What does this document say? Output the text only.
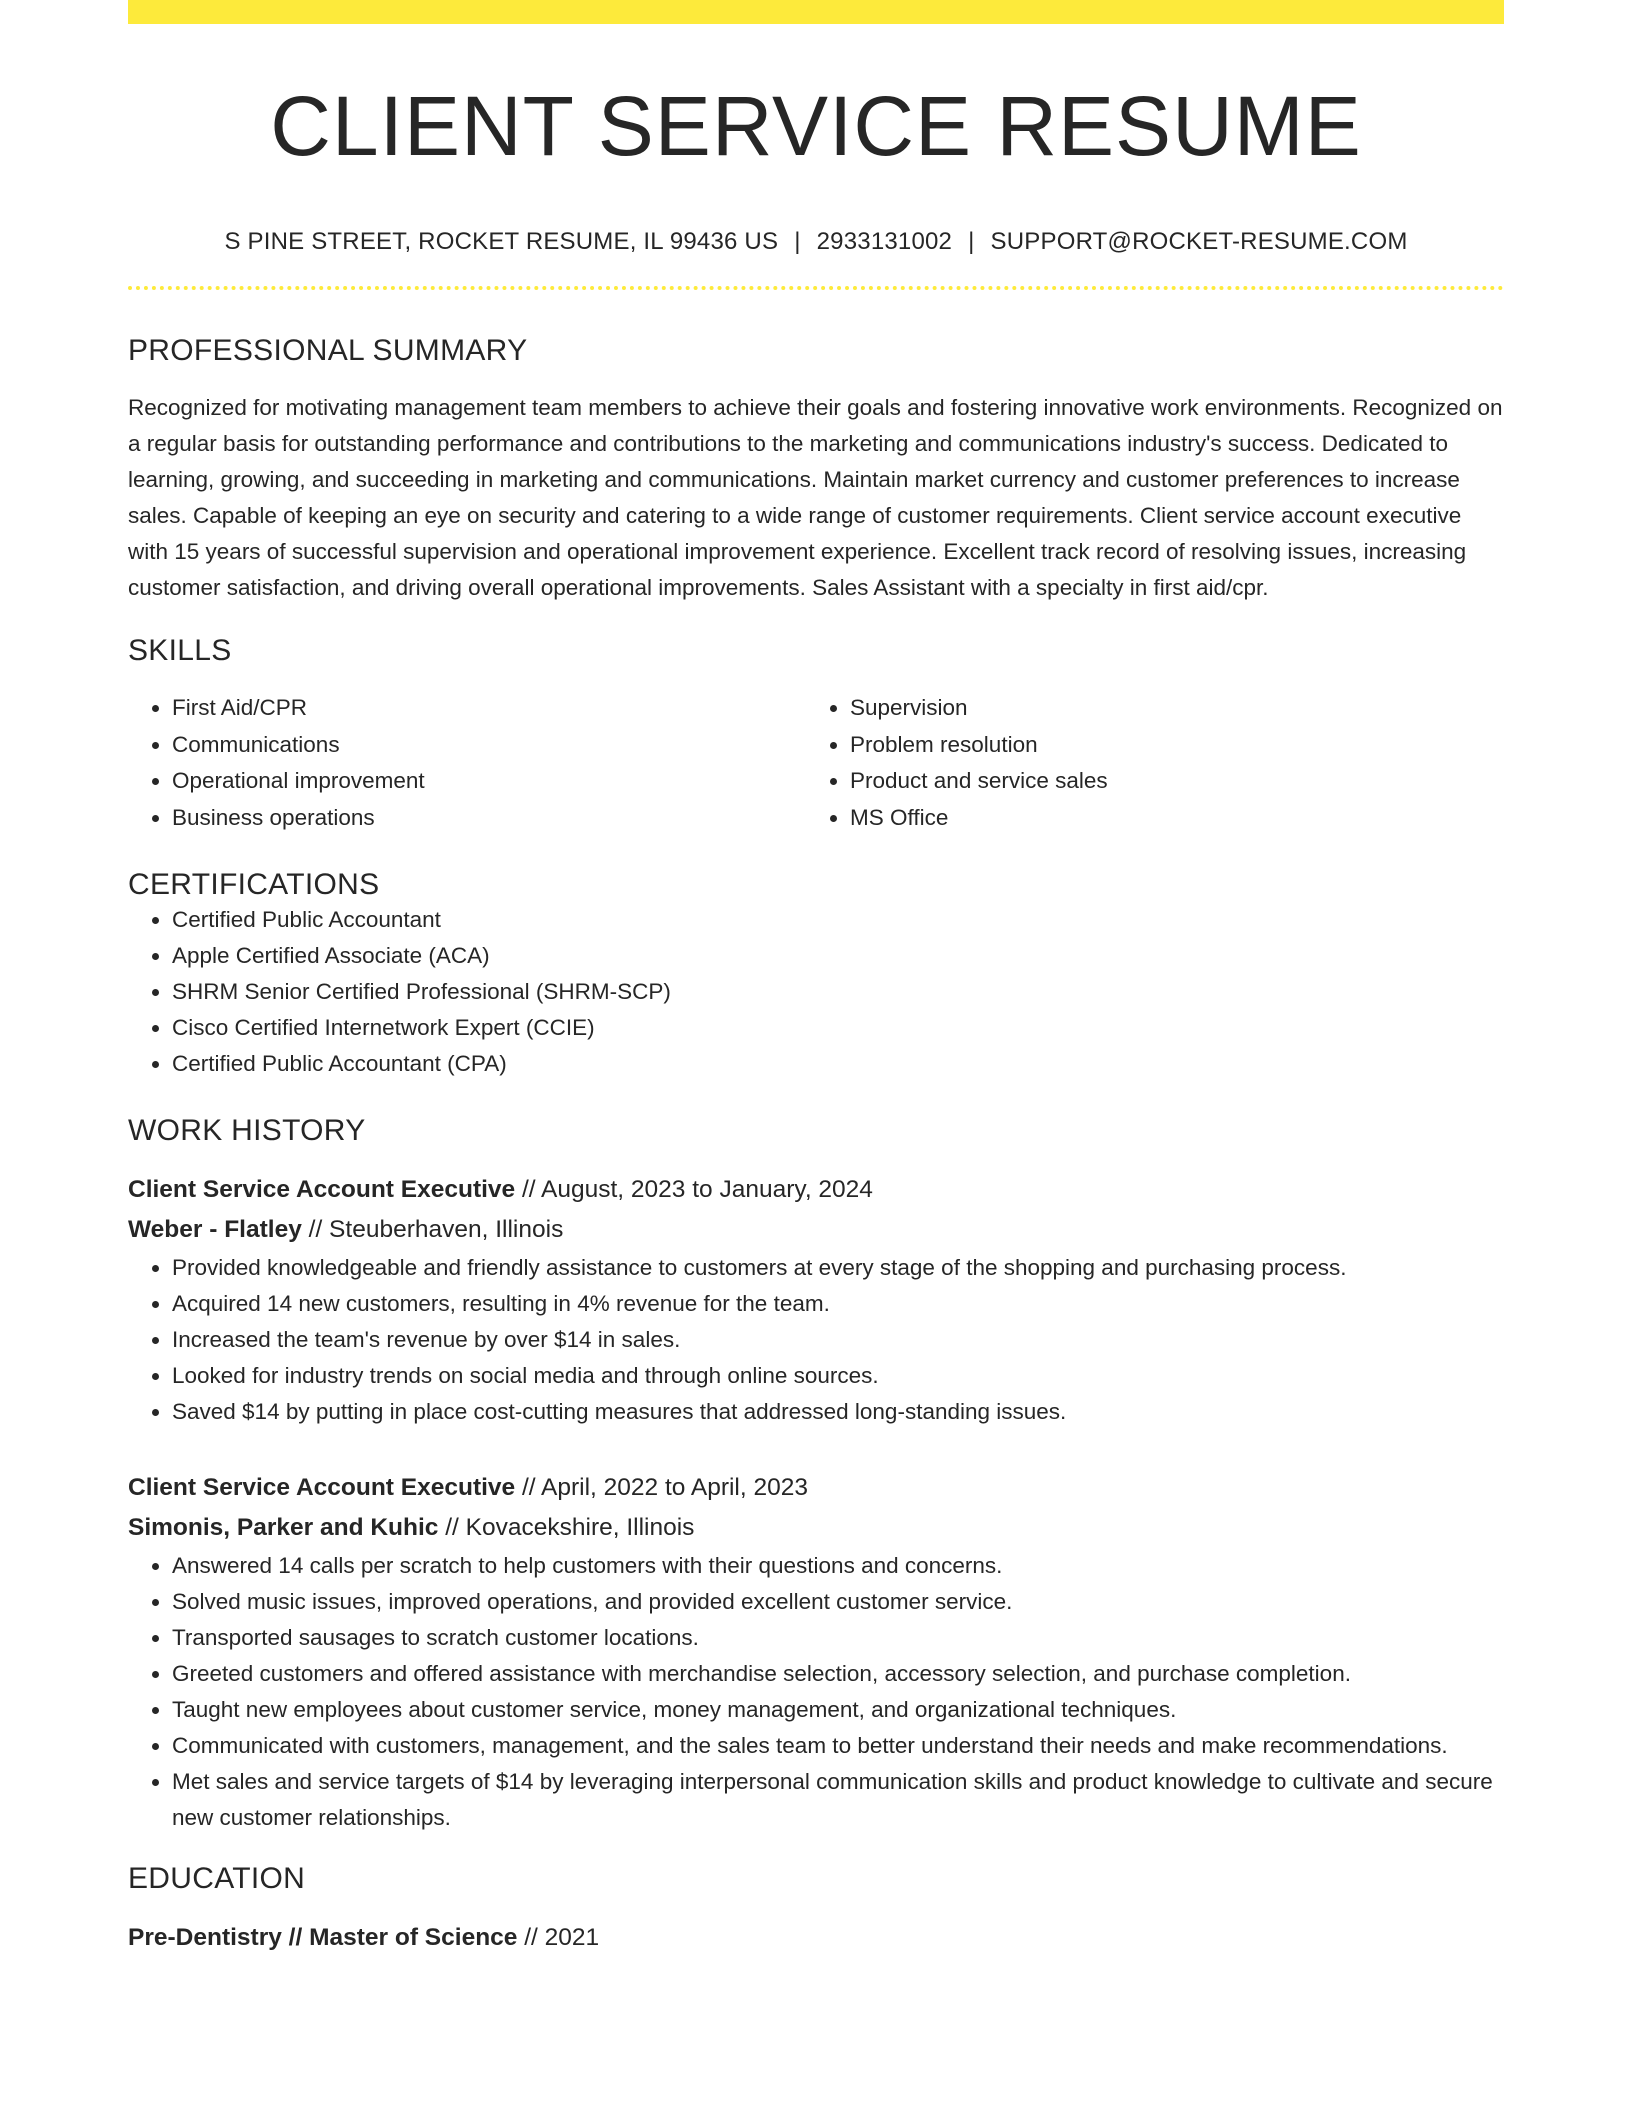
CLIENT SERVICE RESUME
S PINE STREET, ROCKET RESUME, IL 99436 US | 2933131002 | SUPPORT@ROCKET-RESUME.COM
PROFESSIONAL SUMMARY
Recognized for motivating management team members to achieve their goals and fostering innovative work environments. Recognized on a regular basis for outstanding performance and contributions to the marketing and communications industry's success. Dedicated to learning, growing, and succeeding in marketing and communications. Maintain market currency and customer preferences to increase sales. Capable of keeping an eye on security and catering to a wide range of customer requirements. Client service account executive with 15 years of successful supervision and operational improvement experience. Excellent track record of resolving issues, increasing customer satisfaction, and driving overall operational improvements. Sales Assistant with a specialty in first aid/cpr.
SKILLS
• First Aid/CPR
• Communications
• Operational improvement
• Business operations
• Supervision
• Problem resolution
• Product and service sales
• MS Office
CERTIFICATIONS
• Certified Public Accountant
• Apple Certified Associate (ACA)
• SHRM Senior Certified Professional (SHRM-SCP)
• Cisco Certified Internetwork Expert (CCIE)
• Certified Public Accountant (CPA)
WORK HISTORY
Client Service Account Executive // August, 2023 to January, 2024
Weber - Flatley // Steuberhaven, Illinois
• Provided knowledgeable and friendly assistance to customers at every stage of the shopping and purchasing process.
• Acquired 14 new customers, resulting in 4% revenue for the team.
• Increased the team's revenue by over $14 in sales.
• Looked for industry trends on social media and through online sources.
• Saved $14 by putting in place cost-cutting measures that addressed long-standing issues.
Client Service Account Executive // April, 2022 to April, 2023
Simonis, Parker and Kuhic // Kovacekshire, Illinois
• Answered 14 calls per scratch to help customers with their questions and concerns.
• Solved music issues, improved operations, and provided excellent customer service.
• Transported sausages to scratch customer locations.
• Greeted customers and offered assistance with merchandise selection, accessory selection, and purchase completion.
• Taught new employees about customer service, money management, and organizational techniques.
• Communicated with customers, management, and the sales team to better understand their needs and make recommendations.
• Met sales and service targets of $14 by leveraging interpersonal communication skills and product knowledge to cultivate and secure new customer relationships.
EDUCATION
Pre-Dentistry // Master of Science // 2021
